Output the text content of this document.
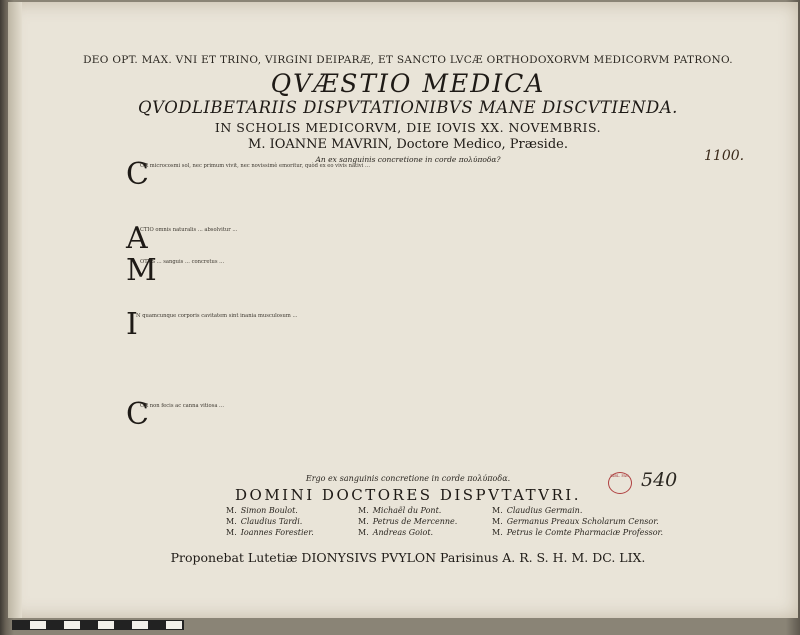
DEO OPT. MAX. VNI ET TRINO, VIRGINI DEIPARÆ, ET SANCTO LVCÆ ORTHODOXORVM MEDICORVM PATRONO.
QVÆSTIO MEDICA
QVODLIBETARIIS DISPVTATIONIBVS MANE DISCVTIENDA.
IN SCHOLIS MEDICORVM, DIE IOVIS XX. NOVEMBRIS.
M. IOANNE MAVRIN, Doctore Medico, Præside.
An ex sanguinis concretione in corde πολύποδα?	1100.
C
OR microcosmi sol, nec primum vivit, nec novissimè emoritur, quòd ex eo vivis nativi ...
A
CTIO omnis naturalis ... absolvitur ...
M
OTVS ... sanguis ... concretus ...
I
N quamcunque corporis cavitatem sint inania musculosum ...
C
OR non fecis ac canna vitiosa ...
Ergo ex sanguinis concretione in corde πολύποδα.	BIBL. FAC. 540
DOMINI DOCTORES DISPVTATVRI.
M. Simon Boulot.
M. Claudius Tardi.
M. Ioannes Forestier.
M. Michaël du Pont.
M. Petrus de Mercenne.
M. Andreas Goiot.
M. Claudius Germain.
M. Germanus Preaux Scholarum Censor.
M. Petrus le Comte Pharmaciæ Professor.
Proponebat Lutetiæ DIONYSIVS PVYLON Parisinus A. R. S. H. M. DC. LIX.
